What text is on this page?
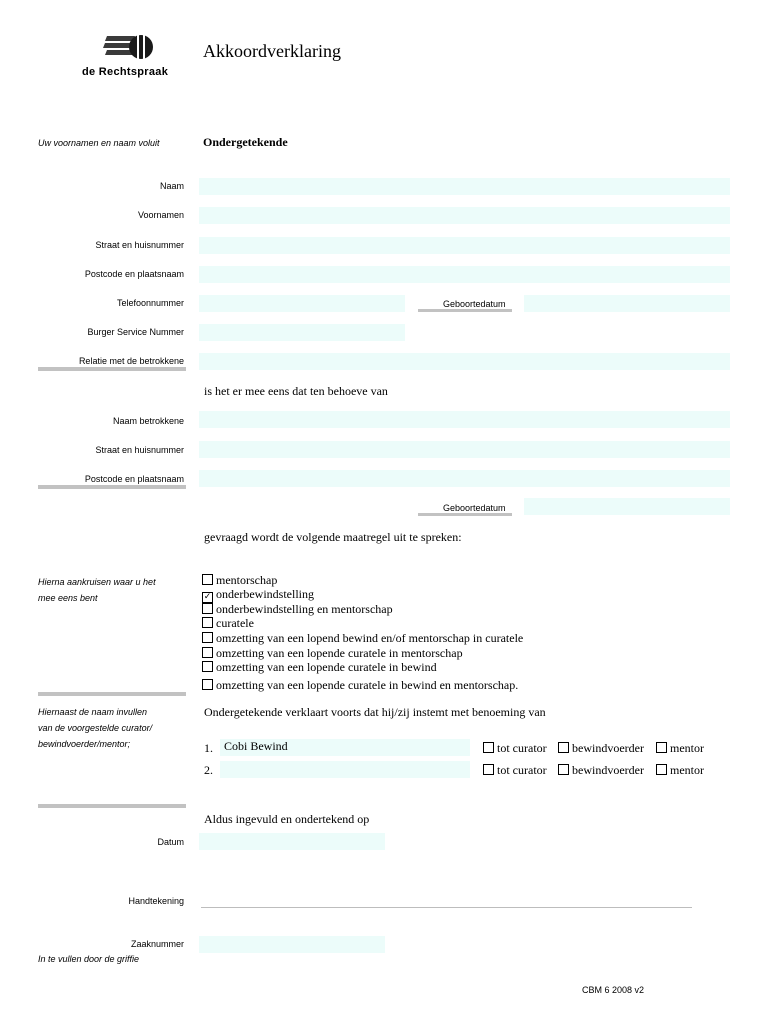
de Rechtspraak
Akkoordverklaring
Uw voornamen en naam voluit	Ondergetekende
Naam
Voornamen
Straat en huisnummer
Postcode en plaatsnaam
Telefoonnummer	Geboortedatum
Burger Service Nummer
Relatie met de betrokkene
is het er mee eens dat ten behoeve van
Naam betrokkene
Straat en huisnummer
Postcode en plaatsnaam
Geboortedatum
gevraagd wordt de volgende maatregel uit te spreken:
Hierna aankruisen waar u het
mee eens bent
mentorschap
✓ onderbewindstelling
onderbewindstelling en mentorschap
curatele
omzetting van een lopend bewind en/of mentorschap in curatele
omzetting van een lopende curatele in mentorschap
omzetting van een lopende curatele in bewind
omzetting van een lopende curatele in bewind en mentorschap.
Hiernaast de naam invullen
van de voorgestelde curator/
bewindvoerder/mentor;
Ondergetekende verklaart voorts dat hij/zij instemt met benoeming van
1. Cobi Bewind	tot curator	bewindvoerder	mentor
2.	tot curator	bewindvoerder	mentor
Aldus ingevuld en ondertekend op
Datum
Handtekening
Zaaknummer
In te vullen door de griffie
CBM 6 2008 v2
